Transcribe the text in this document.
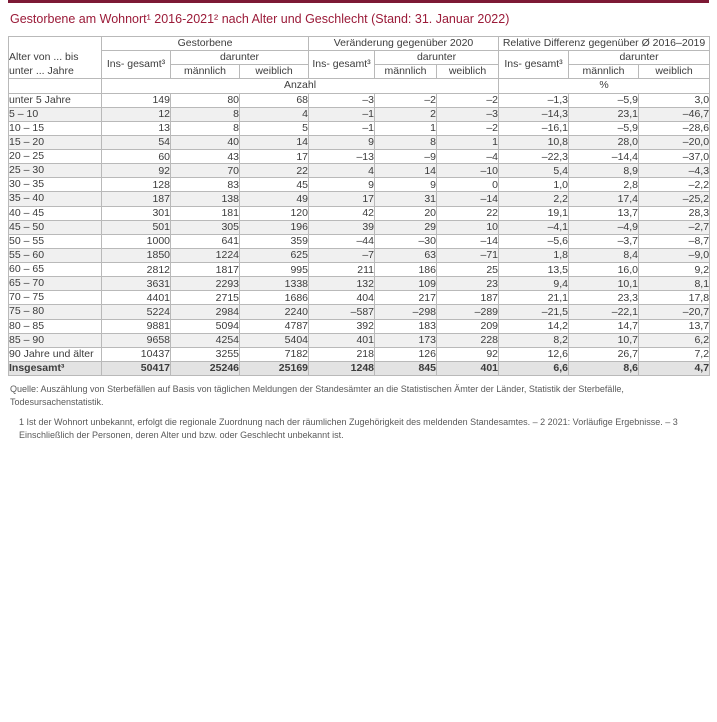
Gestorbene am Wohnort¹ 2016-2021² nach Alter und Geschlecht (Stand: 31. Januar 2022)
Alter von ... bis unter ... Jahre	Gestorbene			Veränderung gegenüber 2020			Relative Differenz gegenüber Ø 2016–2019		
	Ins- gesamt³	darunter		Ins- gesamt³	darunter		Ins- gesamt³	darunter	
		männlich	weiblich		männlich	weiblich		männlich	weiblich
	Anzahl						%		
unter 5 Jahre	149	80	68	–3	–2	–2	–1,3	–5,9	3,0
5 – 10	12	8	4	–1	2	–3	–14,3	23,1	–46,7
10 – 15	13	8	5	–1	1	–2	–16,1	–5,9	–28,6
15 – 20	54	40	14	9	8	1	10,8	28,0	–20,0
20 – 25	60	43	17	–13	–9	–4	–22,3	–14,4	–37,0
25 – 30	92	70	22	4	14	–10	5,4	8,9	–4,3
30 – 35	128	83	45	9	9	0	1,0	2,8	–2,2
35 – 40	187	138	49	17	31	–14	2,2	17,4	–25,2
40 – 45	301	181	120	42	20	22	19,1	13,7	28,3
45 – 50	501	305	196	39	29	10	–4,1	–4,9	–2,7
50 – 55	1000	641	359	–44	–30	–14	–5,6	–3,7	–8,7
55 – 60	1850	1224	625	–7	63	–71	1,8	8,4	–9,0
60 – 65	2812	1817	995	211	186	25	13,5	16,0	9,2
65 – 70	3631	2293	1338	132	109	23	9,4	10,1	8,1
70 – 75	4401	2715	1686	404	217	187	21,1	23,3	17,8
75 – 80	5224	2984	2240	–587	–298	–289	–21,5	–22,1	–20,7
80 – 85	9881	5094	4787	392	183	209	14,2	14,7	13,7
85 – 90	9658	4254	5404	401	173	228	8,2	10,7	6,2
90 Jahre und älter	10437	3255	7182	218	126	92	12,6	26,7	7,2
Insgesamt³	50417	25246	25169	1248	845	401	6,6	8,6	4,7

Quelle: Auszählung von Sterbefällen auf Basis von täglichen Meldungen der Standesämter an die Statistischen Ämter der Länder, Statistik der Sterbefälle, Todesursachenstatistik.

1 Ist der Wohnort unbekannt, erfolgt die regionale Zuordnung nach der räumlichen Zugehörigkeit des meldenden Standesamtes. – 2 2021: Vorläufige Ergebnisse. – 3 Einschließlich der Personen, deren Alter und bzw. oder Geschlecht unbekannt ist.
